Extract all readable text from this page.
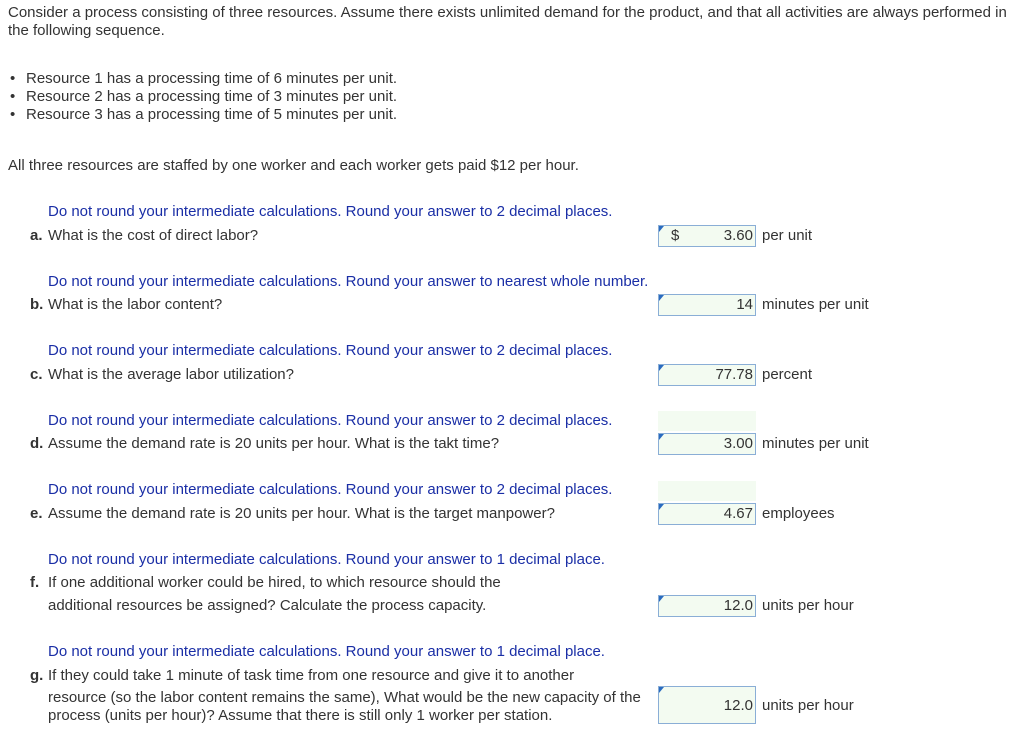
Consider a process consisting of three resources. Assume there exists unlimited demand for the product, and that all activities are always performed in the following sequence.
• Resource 1 has a processing time of 6 minutes per unit.
• Resource 2 has a processing time of 3 minutes per unit.
• Resource 3 has a processing time of 5 minutes per unit.
All three resources are staffed by one worker and each worker gets paid $12 per hour.
Do not round your intermediate calculations. Round your answer to 2 decimal places.
a. What is the cost of direct labor?	$	3.60 per unit
Do not round your intermediate calculations. Round your answer to nearest whole number.
b. What is the labor content?	14 minutes per unit
Do not round your intermediate calculations. Round your answer to 2 decimal places.
c. What is the average labor utilization?	77.78 percent
Do not round your intermediate calculations. Round your answer to 2 decimal places.
d. Assume the demand rate is 20 units per hour. What is the takt time?	3.00 minutes per unit
Do not round your intermediate calculations. Round your answer to 2 decimal places.
e. Assume the demand rate is 20 units per hour. What is the target manpower?	4.67 employees
Do not round your intermediate calculations. Round your answer to 1 decimal place.
f. If one additional worker could be hired, to which resource should the
additional resources be assigned? Calculate the process capacity.	12.0 units per hour
Do not round your intermediate calculations. Round your answer to 1 decimal place.
g. If they could take 1 minute of task time from one resource and give it to another
resource (so the labor content remains the same), What would be the new capacity of the
process (units per hour)? Assume that there is still only 1 worker per station.
12.0 units per hour
